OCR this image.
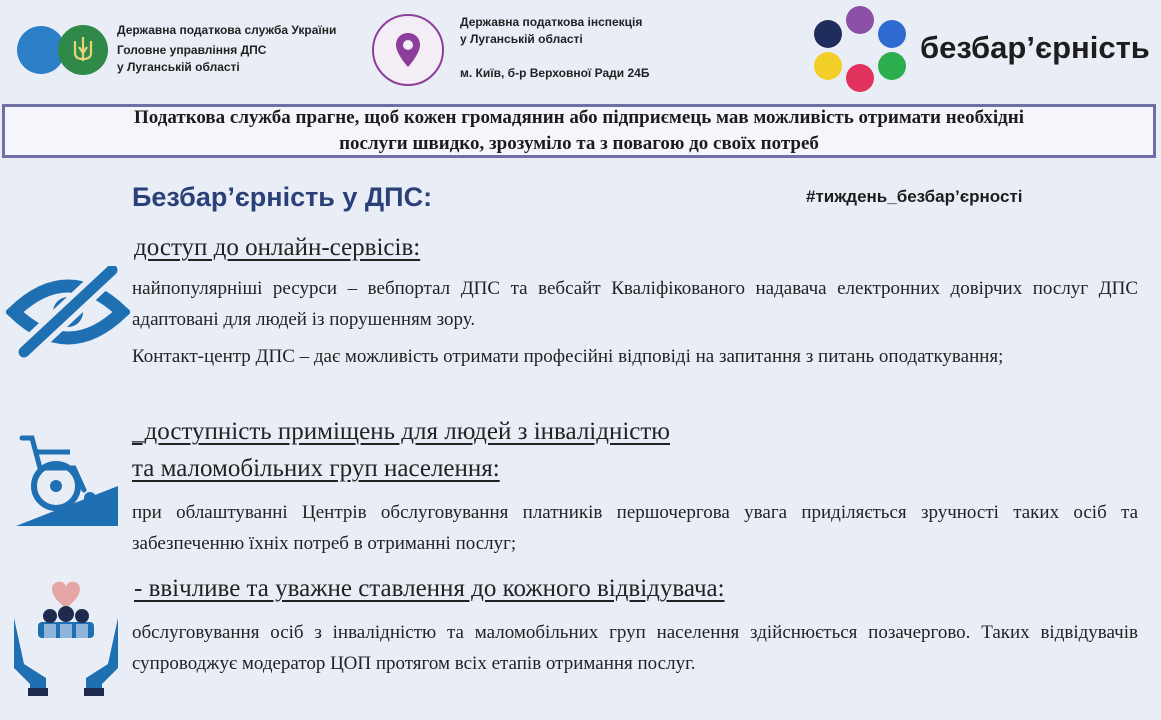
Державна податкова служба України
Головне управління ДПС
у Луганській області
Державна податкова інспекція
у Луганській області
м. Київ, б-р Верховної Ради 24Б
безбар’єрність
Податкова служба прагне, щоб кожен громадянин або підприємець мав можливість отримати необхідні
послуги швидко, зрозуміло та з повагою до своїх потреб
Безбар’єрність у ДПС:	#тиждень_безбар’єрності
доступ до онлайн-сервісів:
найпопулярніші ресурси – вебпортал ДПС та вебсайт Кваліфікованого надавача електронних довірчих послуг ДПС адаптовані для людей із порушенням зору.
Контакт-центр ДПС – дає можливість отримати професійні відповіді на запитання з питань оподаткування;
_доступність приміщень для людей з інвалідністю
та маломобільних груп населення:
при облаштуванні Центрів обслуговування платників першочергова увага приділяється зручності таких осіб та забезпеченню їхніх потреб в отриманні послуг;
- ввічливе та уважне ставлення до кожного відвідувача:
обслуговування осіб з інвалідністю та маломобільних груп населення здійснюється позачергово. Таких відвідувачів супроводжує модератор ЦОП протягом всіх етапів отримання послуг.
